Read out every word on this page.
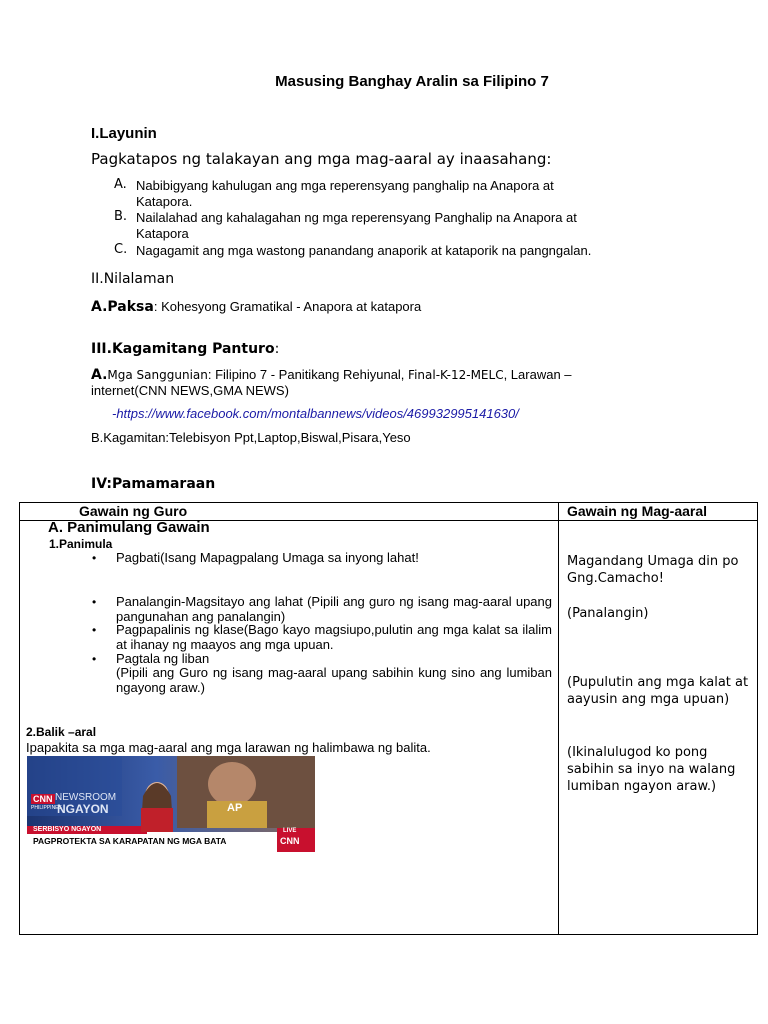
Masusing Banghay Aralin sa Filipino 7
I.Layunin
Pagkatapos ng talakayan ang mga mag-aaral ay inaasahang:
A. Nabibigyang kahulugan ang mga reperensyang panghalip na Anapora at
Katapora.
B. Nailalahad ang kahalagahan ng mga reperensyang Panghalip na Anapora at
Katapora
C. Nagagamit ang mga wastong panandang anaporik at kataporik na pangngalan.
II.Nilalaman
A.Paksa: Kohesyong Gramatikal - Anapora at katapora
III.Kagamitang Panturo:
A.Mga Sanggunian: Filipino 7 - Panitikang Rehiyunal, Final-K-12-MELC, Larawan –
internet(CNN NEWS,GMA NEWS)
-https://www.facebook.com/montalbannews/videos/469932995141630/
B.Kagamitan:Telebisyon Ppt,Laptop,Biswal,Pisara,Yeso
IV:Pamamaraan
Gawain ng Guro	Gawain ng Mag-aaral
A. Panimulang Gawain
1.Panimula
• Pagbati(Isang Mapagpalang Umaga sa inyong lahat!
• Panalangin-Magsitayo ang lahat (Pipili ang guro ng isang mag-aaral upang pangunahan ang panalangin)
• Pagpapalinis ng klase(Bago kayo magsiupo,pulutin ang mga kalat sa ilalim at ihanay ng maayos ang mga upuan.
• Pagtala ng liban
(Pipili ang Guro ng isang mag-aaral upang sabihin kung sino ang lumiban ngayong araw.)
2.Balik –aral
Ipapakita sa mga mag-aaral ang mga larawan ng halimbawa ng balita.
CNN
PHILIPPINES
NEWSROOM
NGAYON	AP
SERBISYO NGAYON
PAGPROTEKTA SA KARAPATAN NG MGA BATA
LIVE
CNN
Magandang Umaga din po Gng.Camacho!
(Panalangin)
(Pupulutin ang mga kalat at aayusin ang mga upuan)
(Ikinalulugod ko pong sabihin sa inyo na walang lumiban ngayon araw.)
